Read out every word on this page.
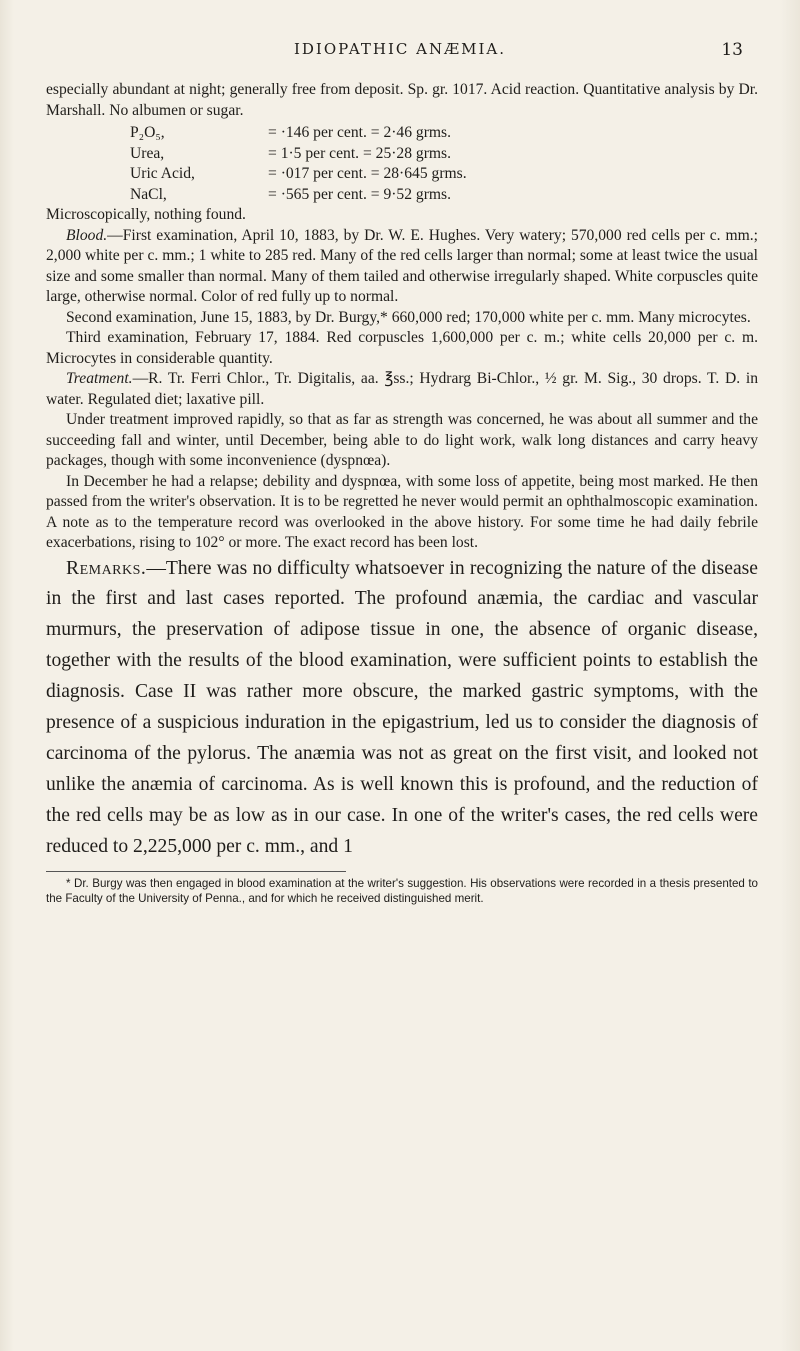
IDIOPATHIC ANÆMIA.	13

especially abundant at night; generally free from deposit. Sp. gr. 1017. Acid reaction. Quantitative analysis by Dr. Marshall. No albumen or sugar.

P₂O₅,	= ·146 per cent. = 2·46 grms.
Urea,	= 1·5 per cent. = 25·28 grms.
Uric Acid,	= ·017 per cent. = 28·645 grms.
NaCl,	= ·565 per cent. = 9·52 grms.

Microscopically, nothing found.

Blood.—First examination, April 10, 1883, by Dr. W. E. Hughes. Very watery; 570,000 red cells per c. mm.; 2,000 white per c. mm.; 1 white to 285 red. Many of the red cells larger than normal; some at least twice the usual size and some smaller than normal. Many of them tailed and otherwise irregularly shaped. White corpuscles quite large, otherwise normal. Color of red fully up to normal.

Second examination, June 15, 1883, by Dr. Burgy,* 660,000 red; 170,000 white per c. mm. Many microcytes.

Third examination, February 17, 1884. Red corpuscles 1,600,000 per c. m.; white cells 20,000 per c. m. Microcytes in considerable quantity.

Treatment.—R. Tr. Ferri Chlor., Tr. Digitalis, aa. ℥ss.; Hydrarg Bi-Chlor., ½ gr. M. Sig., 30 drops. T. D. in water. Regulated diet; laxative pill.

Under treatment improved rapidly, so that as far as strength was concerned, he was about all summer and the succeeding fall and winter, until December, being able to do light work, walk long distances and carry heavy packages, though with some inconvenience (dyspnœa).

In December he had a relapse; debility and dyspnœa, with some loss of appetite, being most marked. He then passed from the writer's observation. It is to be regretted he never would permit an ophthalmoscopic examination. A note as to the temperature record was overlooked in the above history. For some time he had daily febrile exacerbations, rising to 102° or more. The exact record has been lost.

Remarks.—There was no difficulty whatsoever in recognizing the nature of the disease in the first and last cases reported. The profound anæmia, the cardiac and vascular murmurs, the preservation of adipose tissue in one, the absence of organic disease, together with the results of the blood examination, were sufficient points to establish the diagnosis. Case II was rather more obscure, the marked gastric symptoms, with the presence of a suspicious induration in the epigastrium, led us to consider the diagnosis of carcinoma of the pylorus. The anæmia was not as great on the first visit, and looked not unlike the anæmia of carcinoma. As is well known this is profound, and the reduction of the red cells may be as low as in our case. In one of the writer's cases, the red cells were reduced to 2,225,000 per c. mm., and 1

* Dr. Burgy was then engaged in blood examination at the writer's suggestion. His observations were recorded in a thesis presented to the Faculty of the University of Penna., and for which he received distinguished merit.
